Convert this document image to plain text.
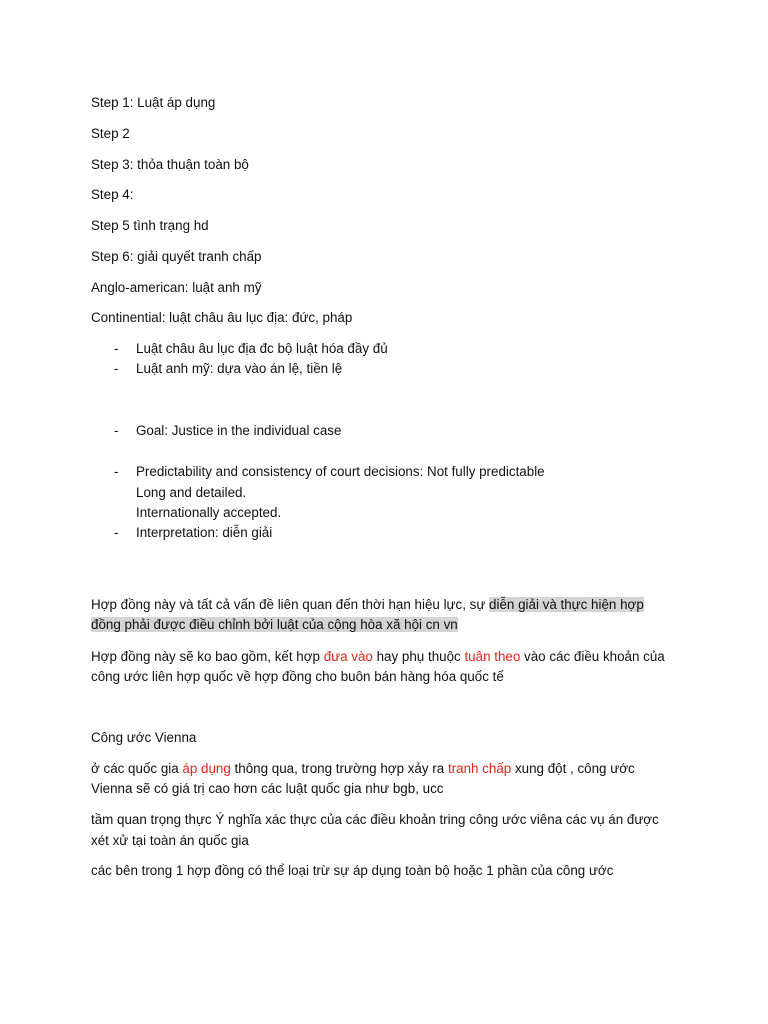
Step 1: Luật áp dụng
Step 2
Step 3: thỏa thuận toàn bộ
Step 4:
Step 5 tình trạng hd
Step 6: giải quyết tranh chấp
Anglo-american: luật anh mỹ
Continential: luật châu âu lục địa: đức, pháp
- Luật châu âu lục địa đc bộ luật hóa đầy đủ
- Luật anh mỹ: dựa vào án lệ, tiền lệ
- Goal: Justice in the individual case
- Predictability and consistency of court decisions: Not fully predictable
Long and detailed.
Internationally accepted.
- Interpretation: diễn giải
Hợp đồng này và tất cả vấn đề liên quan đến thời hạn hiệu lực, sự diễn giải và thực hiện hợp
đồng phải được điều chỉnh bởi luật của cộng hòa xã hội cn vn
Hợp đồng này sẽ ko bao gồm, kết hợp đưa vào hay phụ thuộc tuân theo vào các điều khoản của
công ước liên hợp quốc về hợp đồng cho buôn bán hàng hóa quốc tế
Công ước Vienna
ở các quốc gia áp dụng thông qua, trong trường hợp xảy ra tranh chấp xung đột , công ước
Vienna sẽ có giá trị cao hơn các luật quốc gia như bgb, ucc
tầm quan trọng thực Ý nghĩa xác thực của các điều khoản tring công ước viêna các vụ án được
xét xử tại toàn án quốc gia
các bên trong 1 hợp đồng có thể loại trừ sự áp dụng toàn bộ hoặc 1 phần của công ước
